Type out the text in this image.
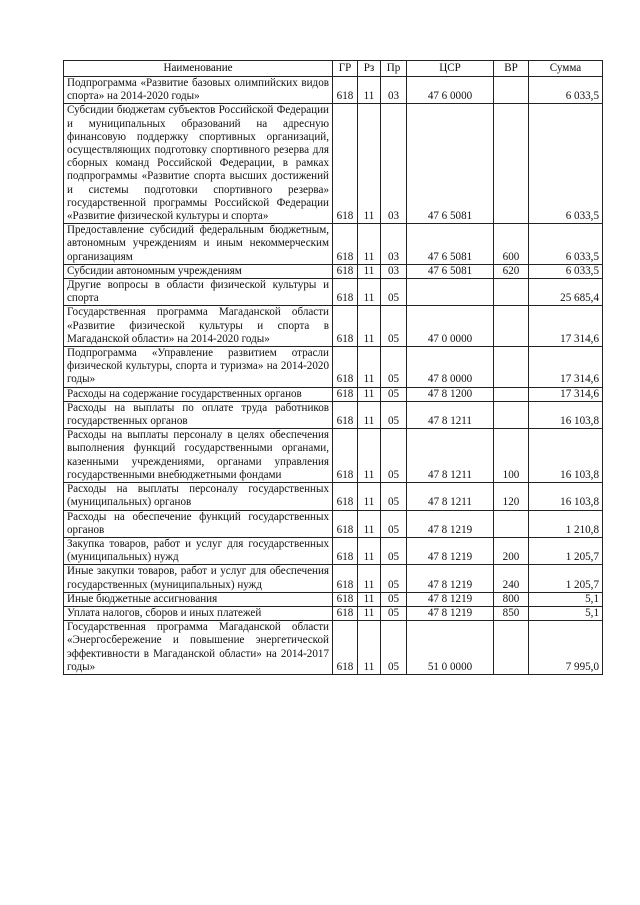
Наименование	ГР	Рз	Пр	ЦСР	ВР	Сумма
Подпрограмма «Развитие базовых олимпийских видов спорта» на 2014-2020 годы»	618	11	03	47 6 0000		6 033,5
Субсидии бюджетам субъектов Российской Федерации и муниципальных образований на адресную финансовую поддержку спортивных организаций, осуществляющих подготовку спортивного резерва для сборных команд Российской Федерации, в рамках подпрограммы «Развитие спорта высших достижений и системы подготовки спортивного резерва» государственной программы Российской Федерации «Развитие физической культуры и спорта»	618	11	03	47 6 5081		6 033,5
Предоставление субсидий федеральным бюджетным, автономным учреждениям и иным некоммерческим организациям	618	11	03	47 6 5081	600	6 033,5
Субсидии автономным учреждениям	618	11	03	47 6 5081	620	6 033,5
Другие вопросы в области физической культуры и спорта	618	11	05			25 685,4
Государственная программа Магаданской области «Развитие физической культуры и спорта в Магаданской области» на 2014-2020 годы»	618	11	05	47 0 0000		17 314,6
Подпрограмма «Управление развитием отрасли физической культуры, спорта и туризма» на 2014-2020 годы»	618	11	05	47 8 0000		17 314,6
Расходы на содержание государственных органов	618	11	05	47 8 1200		17 314,6
Расходы на выплаты по оплате труда работников государственных органов	618	11	05	47 8 1211		16 103,8
Расходы на выплаты персоналу в целях обеспечения выполнения функций государственными органами, казенными учреждениями, органами управления государственными внебюджетными фондами	618	11	05	47 8 1211	100	16 103,8
Расходы на выплаты персоналу государственных (муниципальных) органов	618	11	05	47 8 1211	120	16 103,8
Расходы на обеспечение функций государственных органов	618	11	05	47 8 1219		1 210,8
Закупка товаров, работ и услуг для государственных (муниципальных) нужд	618	11	05	47 8 1219	200	1 205,7
Иные закупки товаров, работ и услуг для обеспечения государственных (муниципальных) нужд	618	11	05	47 8 1219	240	1 205,7
Иные бюджетные ассигнования	618	11	05	47 8 1219	800	5,1
Уплата налогов, сборов и иных платежей	618	11	05	47 8 1219	850	5,1
Государственная программа Магаданской области «Энергосбережение и повышение энергетической эффективности в Магаданской области» на 2014-2017 годы»	618	11	05	51 0 0000		7 995,0
